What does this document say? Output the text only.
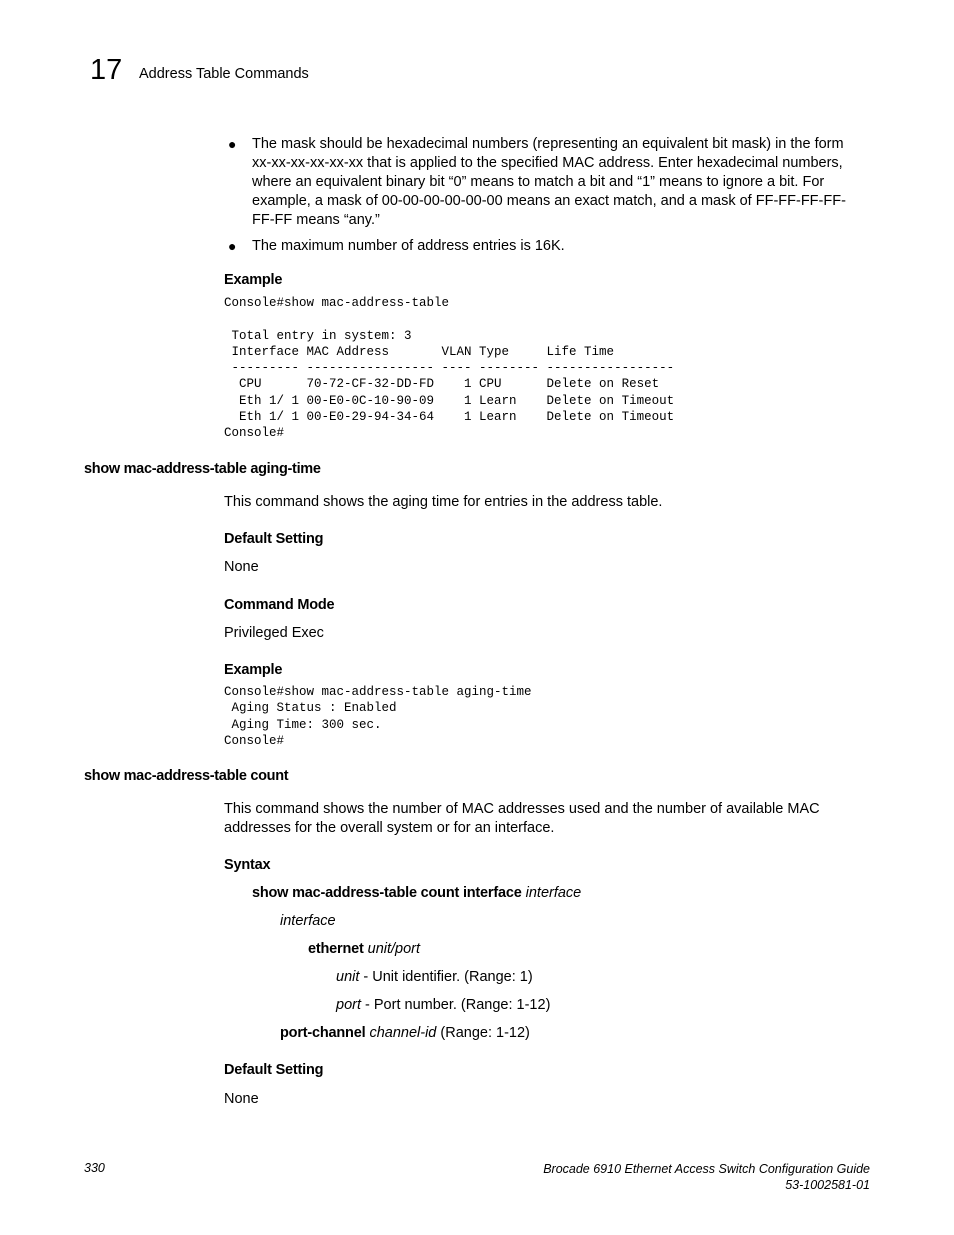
17 Address Table Commands
● The mask should be hexadecimal numbers (representing an equivalent bit mask) in the form xx-xx-xx-xx-xx-xx that is applied to the specified MAC address. Enter hexadecimal numbers, where an equivalent binary bit “0” means to match a bit and “1” means to ignore a bit. For example, a mask of 00-00-00-00-00-00 means an exact match, and a mask of FF-FF-FF-FF-FF-FF means “any.”
● The maximum number of address entries is 16K.
Example
Console#show mac-address-table

Total entry in system: 3
Interface MAC Address       VLAN Type     Life Time
--------- ----------------- ---- -------- -----------------
CPU      70-72-CF-32-DD-FD    1 CPU      Delete on Reset
Eth 1/ 1 00-E0-0C-10-90-09    1 Learn    Delete on Timeout
Eth 1/ 1 00-E0-29-94-34-64    1 Learn    Delete on Timeout
Console#
show mac-address-table aging-time
This command shows the aging time for entries in the address table.
Default Setting
None
Command Mode
Privileged Exec
Example
Console#show mac-address-table aging-time
Aging Status : Enabled
Aging Time: 300 sec.
Console#
show mac-address-table count
This command shows the number of MAC addresses used and the number of available MAC addresses for the overall system or for an interface.
Syntax
show mac-address-table count interface interface
interface
ethernet unit/port
unit - Unit identifier. (Range: 1)
port - Port number. (Range: 1-12)
port-channel channel-id (Range: 1-12)
Default Setting
None
330	Brocade 6910 Ethernet Access Switch Configuration Guide
53-1002581-01
